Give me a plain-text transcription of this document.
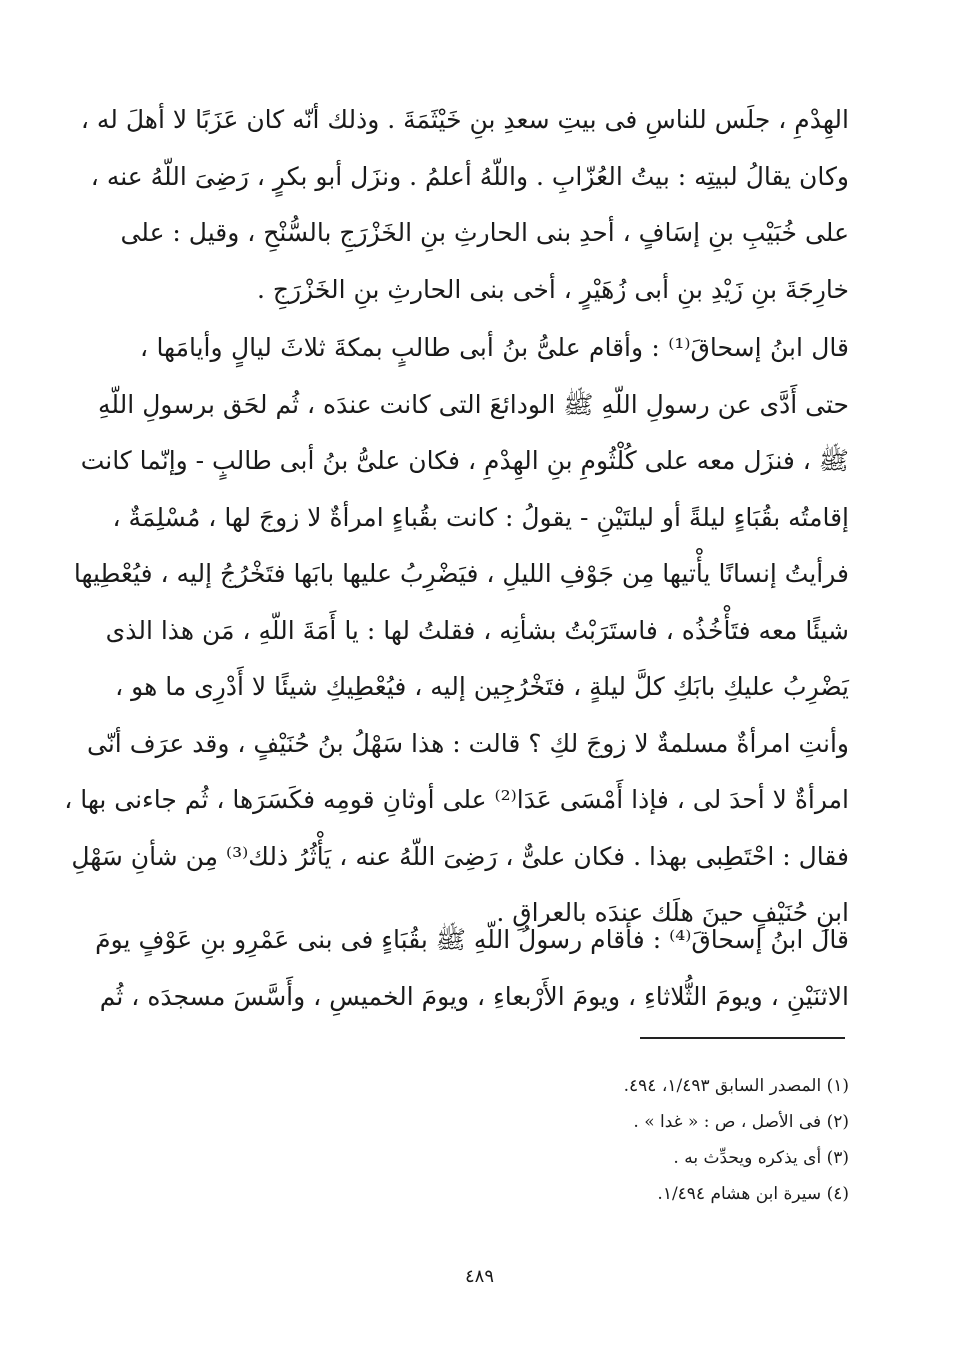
الهِدْمِ ، جلَس للناسِ فى بيتِ سعدِ بنِ خَيْثَمَةَ . وذلك أنّه كان عَزَبًا لا أهلَ له ،
وكان يقالُ لبيتِه : بيتُ العُزّابِ . واللّهُ أعلمُ . ونزَل أبو بكرٍ ، رَضِىَ اللّهُ عنه ،
على خُبَيْبِ بنِ إسَافٍ ، أحدِ بنى الحارثِ بنِ الخَزْرَجِ بالسُّنْحِ ، وقيل : على
خارِجَةَ بنِ زَيْدِ بنِ أبى زُهَيْرٍ ، أخى بنى الحارثِ بنِ الخَزْرَجِ .
قال ابنُ إسحاقَ⁽¹⁾ : وأقام علىُّ بنُ أبى طالبٍ بمكةَ ثلاثَ ليالٍ وأيامَها ،
حتى أَدَّى عن رسولِ اللّهِ ﷺ الودائعَ التى كانت عندَه ، ثُم لحَق برسولِ اللّهِ
ﷺ ، فنزَل معه على كُلْثُومِ بنِ الهِدْمِ ، فكان علىُّ بنُ أبى طالبٍ - وإنّما كانت
إقامتُه بقُبَاءٍ ليلةً أو ليلتَيْنِ - يقولُ : كانت بقُباءٍ امرأةٌ لا زوجَ لها ، مُسْلِمَةٌ ،
فرأيتُ إنسانًا يأْتيها مِن جَوْفِ الليلِ ، فيَضْرِبُ عليها بابَها فتَخْرُجُ إليه ، فيُعْطِيها
شيئًا معه فتَأْخُذُه ، فاستَرَبْتُ بشأنِه ، فقلتُ لها : يا أَمَةَ اللّهِ ، مَن هذا الذى
يَضْرِبُ عليكِ بابَكِ كلَّ ليلةٍ ، فتَخْرُجِين إليه ، فيُعْطِيكِ شيئًا لا أَدْرِى ما هو ،
وأنتِ امرأةٌ مسلمةٌ لا زوجَ لكِ ؟ قالت : هذا سَهْلُ بنُ حُنَيْفٍ ، وقد عرَف أنّى
امرأةٌ لا أحدَ لى ، فإذا أَمْسَى عَدَا⁽²⁾ على أوثانِ قومِه فكَسَرَها ، ثُم جاءنى بها ،
فقال : احْتَطِبى بهذا . فكان علىٌّ ، رَضِىَ اللّهُ عنه ، يَأْثُرُ ذلك⁽³⁾ مِن شأنِ سَهْلِ
ابنِ حُنَيْفٍ حينَ هلَك عندَه بالعراقِ .
قال ابنُ إسحاقَ⁽⁴⁾ : فأقام رسولُ اللّهِ ﷺ بقُبَاءٍ فى بنى عَمْرِو بنِ عَوْفٍ يومَ
الاثنَيْنِ ، ويومَ الثُّلاثاءِ ، ويومَ الأَرْبعاءِ ، ويومَ الخميسِ ، وأَسَّسَ مسجدَه ، ثُم
(١) المصدر السابق ١/٤٩٣، ٤٩٤.
(٢) فى الأصل ، ص : « غدا » .
(٣) أى يذكره ويحدِّث به .
(٤) سيرة ابن هشام ١/٤٩٤.
٤٨٩
